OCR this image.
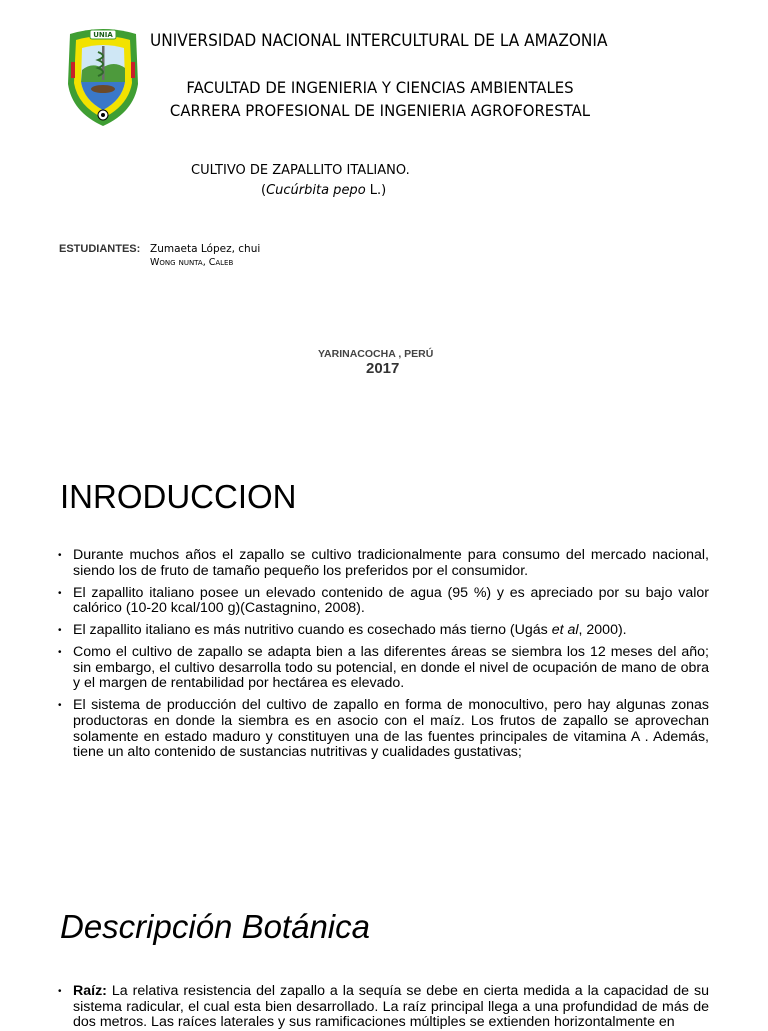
UNIA UNIVERSIDAD NACIONAL INTERCULTURAL DE LA AMAZONIA
FACULTAD DE INGENIERIA Y CIENCIAS AMBIENTALES
CARRERA PROFESIONAL DE INGENIERIA AGROFORESTAL
CULTIVO DE ZAPALLITO ITALIANO.
(Cucúrbita pepo L.)
ESTUDIANTES: Zumaeta López, chui
Wong nunta, Caleb
YARINACOCHA , PERÚ
2017
INRODUCCION
• Durante muchos años el zapallo se cultivo tradicionalmente para consumo del mercado nacional, siendo los de fruto de tamaño pequeño los preferidos por el consumidor.
• El zapallito italiano posee un elevado contenido de agua (95 %) y es apreciado por su bajo valor calórico (10-20 kcal/100 g)(Castagnino, 2008).
• El zapallito italiano es más nutritivo cuando es cosechado más tierno (Ugás et al, 2000).
• Como el cultivo de zapallo se adapta bien a las diferentes áreas se siembra los 12 meses del año; sin embargo, el cultivo desarrolla todo su potencial, en donde el nivel de ocupación de mano de obra y el margen de rentabilidad por hectárea es elevado.
• El sistema de producción del cultivo de zapallo en forma de monocultivo, pero hay algunas zonas productoras en donde la siembra es en asocio con el maíz. Los frutos de zapallo se aprovechan solamente en estado maduro y constituyen una de las fuentes principales de vitamina A . Además, tiene un alto contenido de sustancias nutritivas y cualidades gustativas;
Descripción Botánica
• Raíz: La relativa resistencia del zapallo a la sequía se debe en cierta medida a la capacidad de su sistema radicular, el cual esta bien desarrollado. La raíz principal llega a una profundidad de más de dos metros. Las raíces laterales y sus ramificaciones múltiples se extienden horizontalmente en
